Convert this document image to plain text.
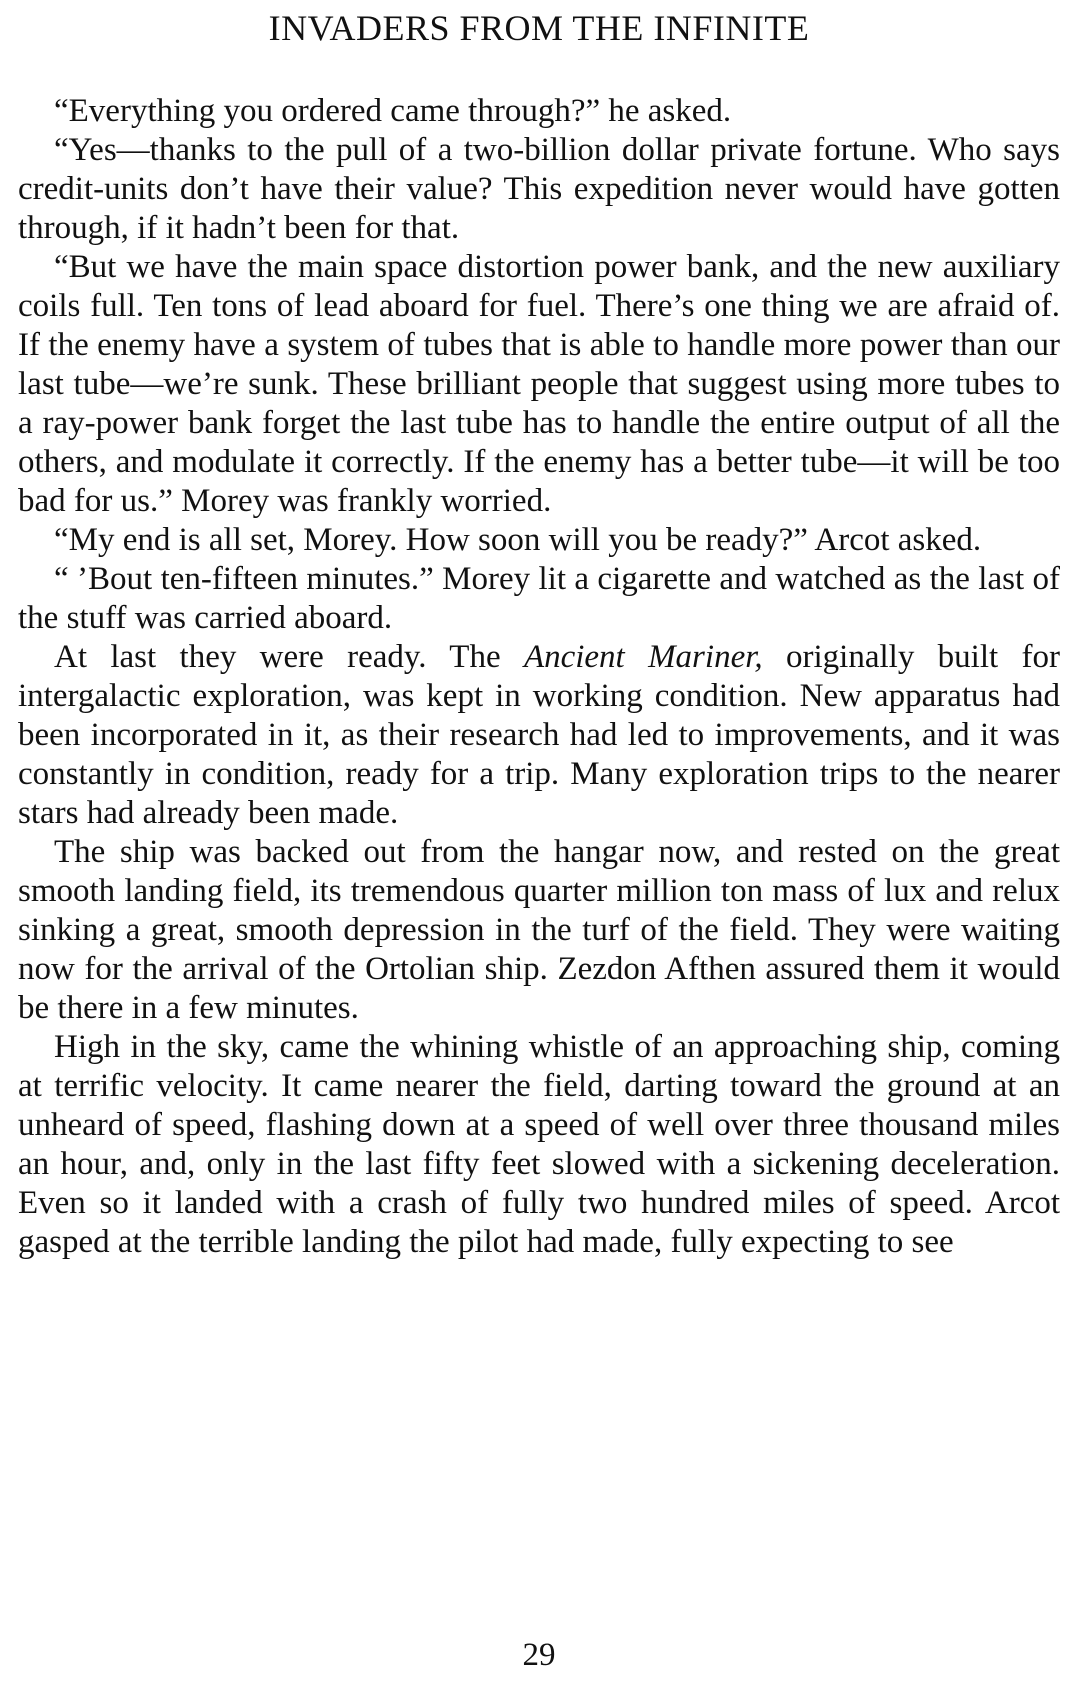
INVADERS FROM THE INFINITE

“Everything you ordered came through?” he asked.

“Yes—thanks to the pull of a two-billion dollar private fortune. Who says credit-units don’t have their value? This expedition never would have gotten through, if it hadn’t been for that.

“But we have the main space distortion power bank, and the new auxiliary coils full. Ten tons of lead aboard for fuel. There’s one thing we are afraid of. If the enemy have a system of tubes that is able to handle more power than our last tube—we’re sunk. These brilliant people that suggest using more tubes to a ray-power bank forget the last tube has to handle the entire output of all the others, and modulate it correctly. If the enemy has a better tube—it will be too bad for us.” Morey was frankly worried.

“My end is all set, Morey. How soon will you be ready?” Arcot asked.

“ ’Bout ten-fifteen minutes.” Morey lit a cigarette and watched as the last of the stuff was carried aboard.

At last they were ready. The Ancient Mariner, originally built for intergalactic exploration, was kept in working condition. New apparatus had been incorporated in it, as their research had led to improvements, and it was constantly in condition, ready for a trip. Many exploration trips to the nearer stars had already been made.

The ship was backed out from the hangar now, and rested on the great smooth landing field, its tremendous quarter million ton mass of lux and relux sinking a great, smooth depression in the turf of the field. They were waiting now for the arrival of the Ortolian ship. Zezdon Afthen assured them it would be there in a few minutes.

High in the sky, came the whining whistle of an approaching ship, coming at terrific velocity. It came nearer the field, darting toward the ground at an unheard of speed, flashing down at a speed of well over three thousand miles an hour, and, only in the last fifty feet slowed with a sickening deceleration. Even so it landed with a crash of fully two hundred miles of speed. Arcot gasped at the terrible landing the pilot had made, fully expecting to see

29
